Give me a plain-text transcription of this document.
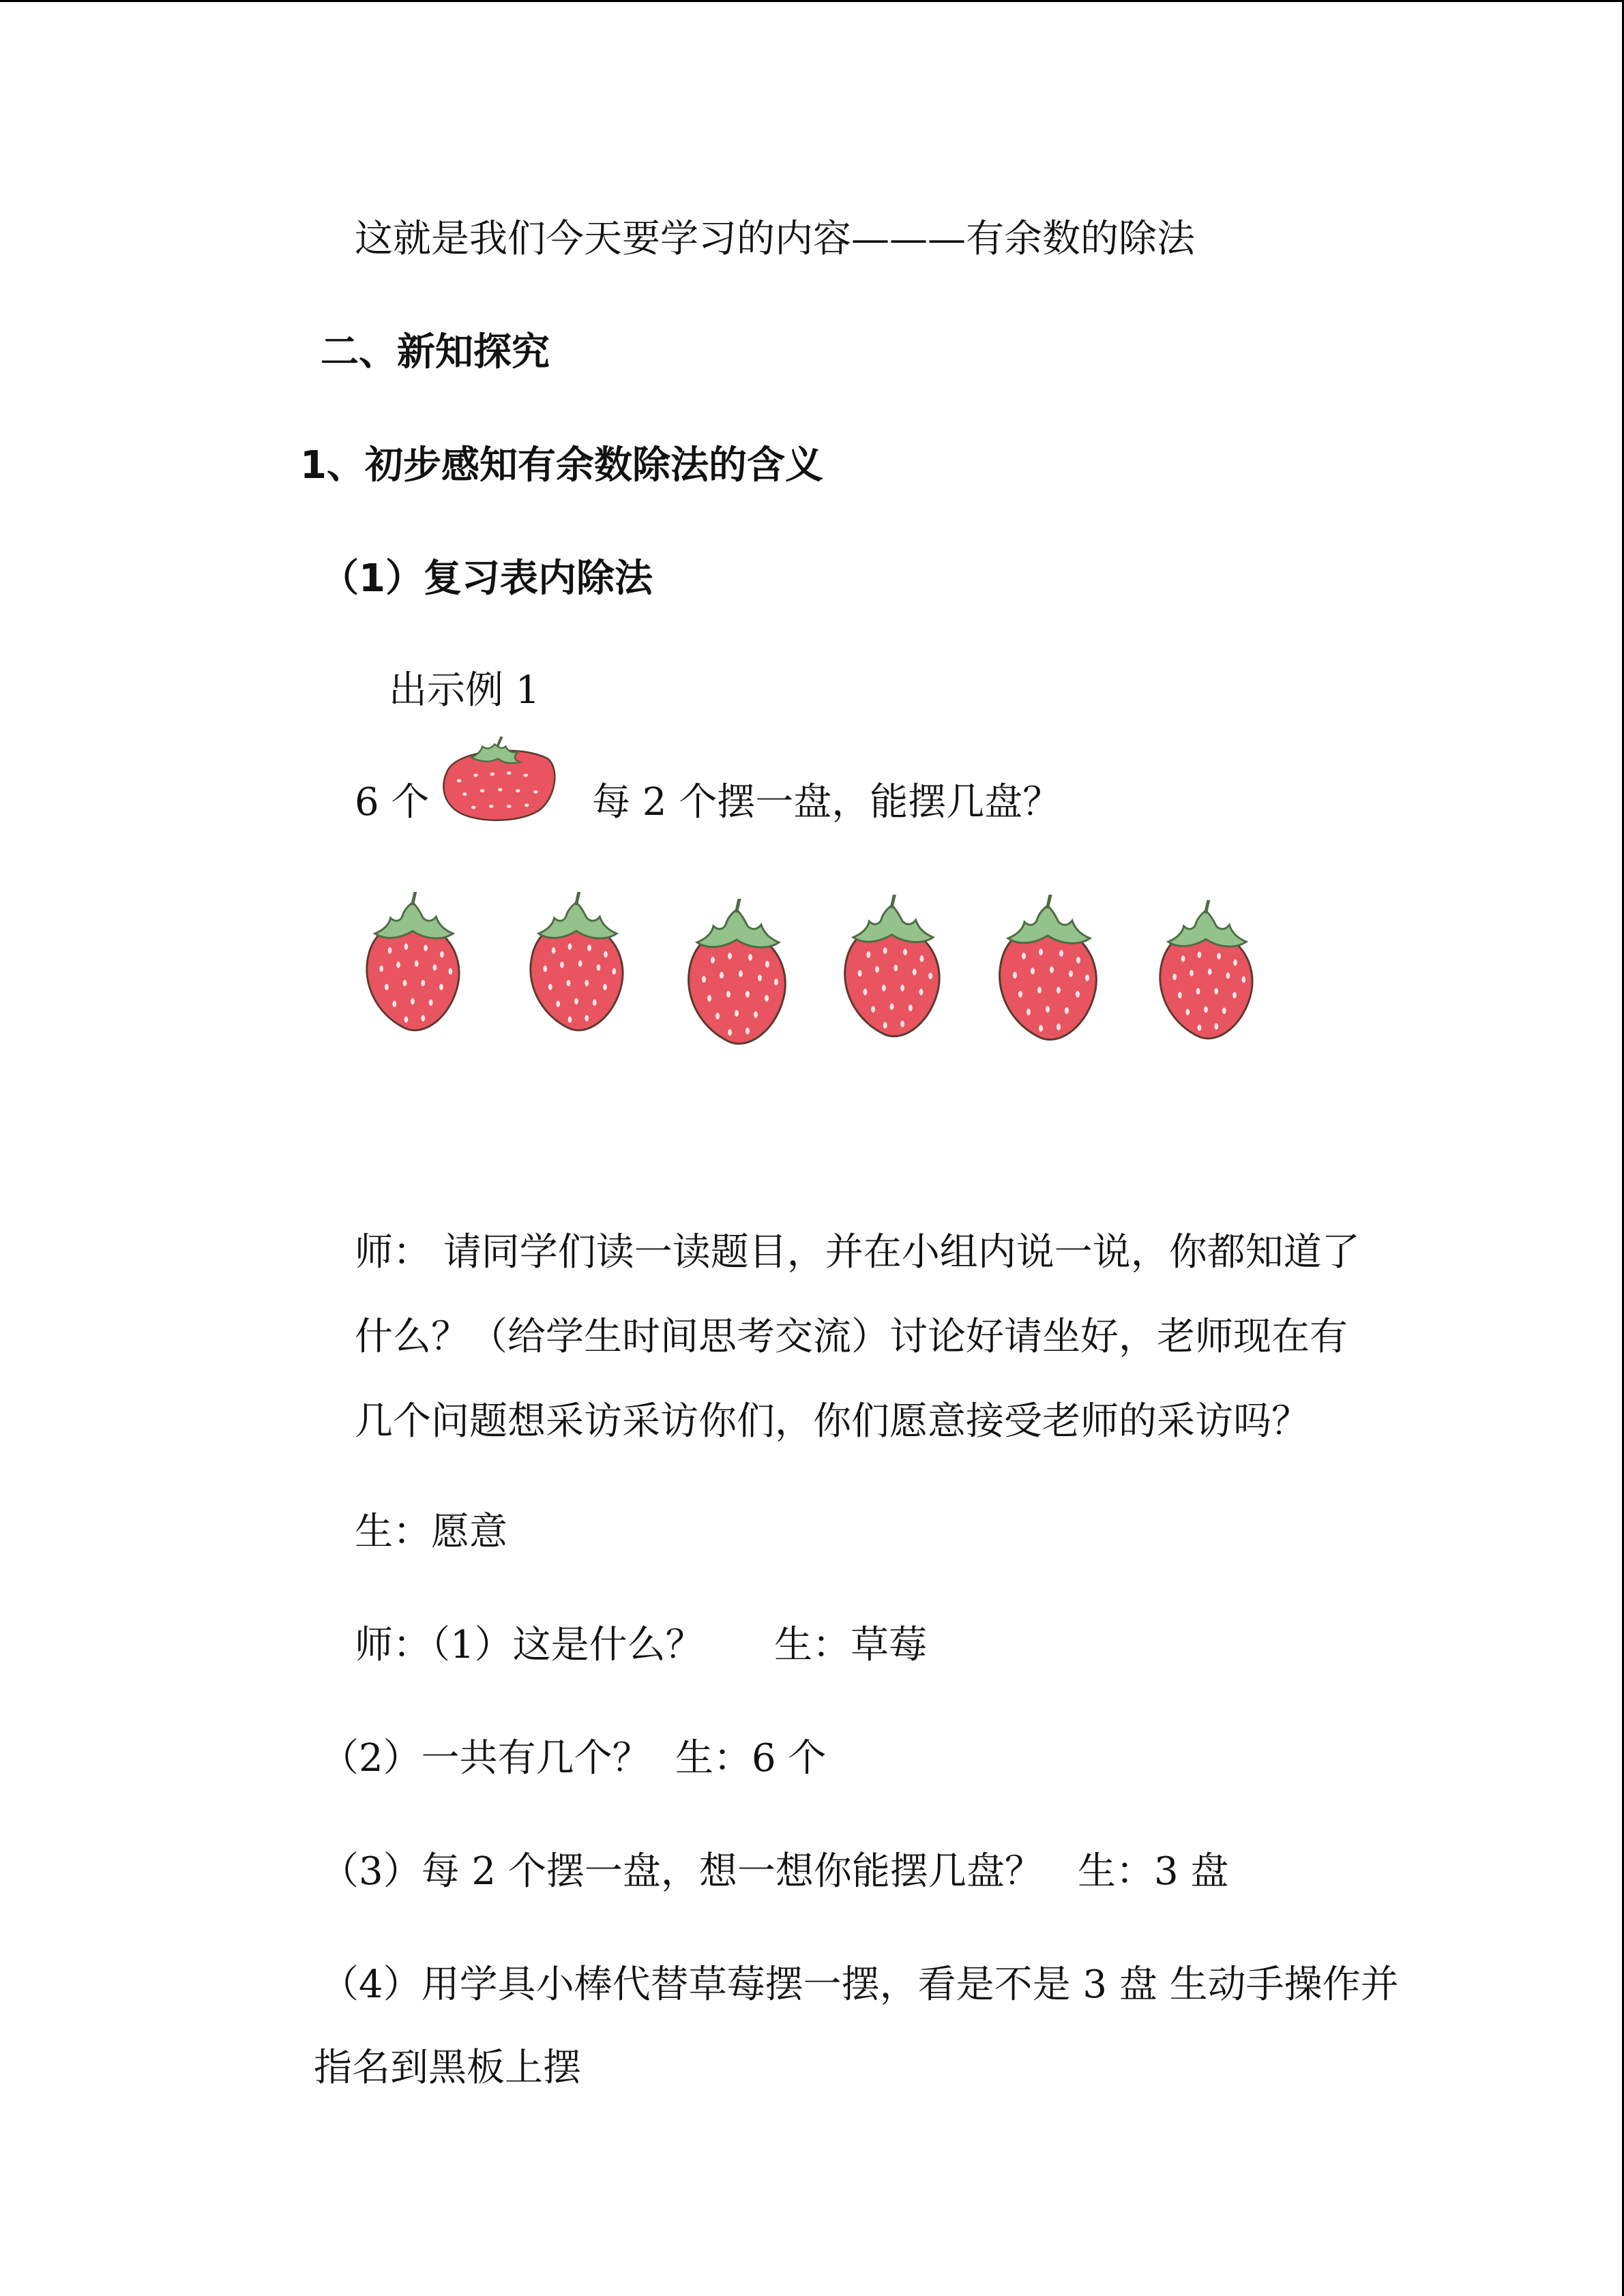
这就是我们今天要学习的内容———有余数的除法
二、新知探究
1、初步感知有余数除法的含义
（1）复习表内除法
出示例 1
6 个	每 2 个摆一盘，能摆几盘？
师： 请同学们读一读题目，并在小组内说一说，你都知道了
什么？（给学生时间思考交流）讨论好请坐好，老师现在有
几个问题想采访采访你们，你们愿意接受老师的采访吗？
生：愿意
师：（1）这是什么？ 生：草莓
（2）一共有几个？ 生：6 个
（3）每 2 个摆一盘，想一想你能摆几盘？ 生：3 盘
（4）用学具小棒代替草莓摆一摆，看是不是 3 盘 生动手操作并
指名到黑板上摆
